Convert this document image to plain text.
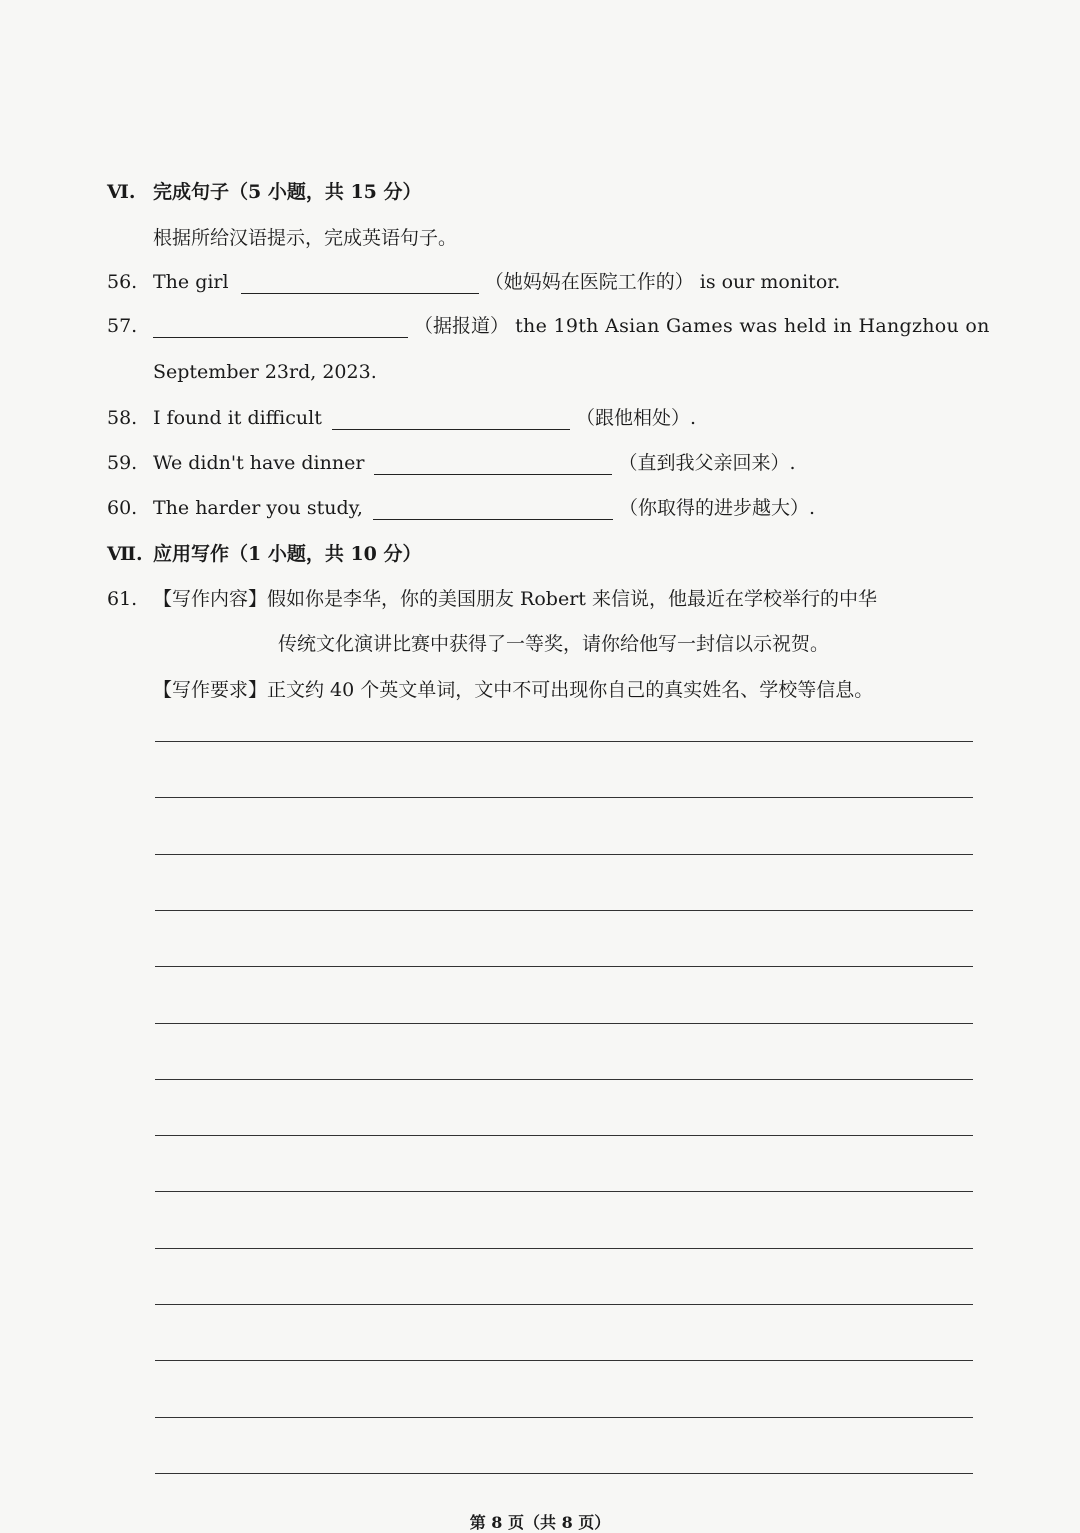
Ⅵ. 完成句子（5 小题，共 15 分）
根据所给汉语提示，完成英语句子。
56. The girl	（她妈妈在医院工作的） is our monitor.
57.	（据报道） the 19th Asian Games was held in Hangzhou on
September 23rd, 2023.
58. I found it difficult	（跟他相处）.
59. We didn't have dinner	（直到我父亲回来）.
60. The harder you study,	（你取得的进步越大）.
Ⅶ. 应用写作（1 小题，共 10 分）
61. 【写作内容】假如你是李华，你的美国朋友 Robert 来信说，他最近在学校举行的中华
传统文化演讲比赛中获得了一等奖，请你给他写一封信以示祝贺。
【写作要求】正文约 40 个英文单词，文中不可出现你自己的真实姓名、学校等信息。
第 8 页（共 8 页）
